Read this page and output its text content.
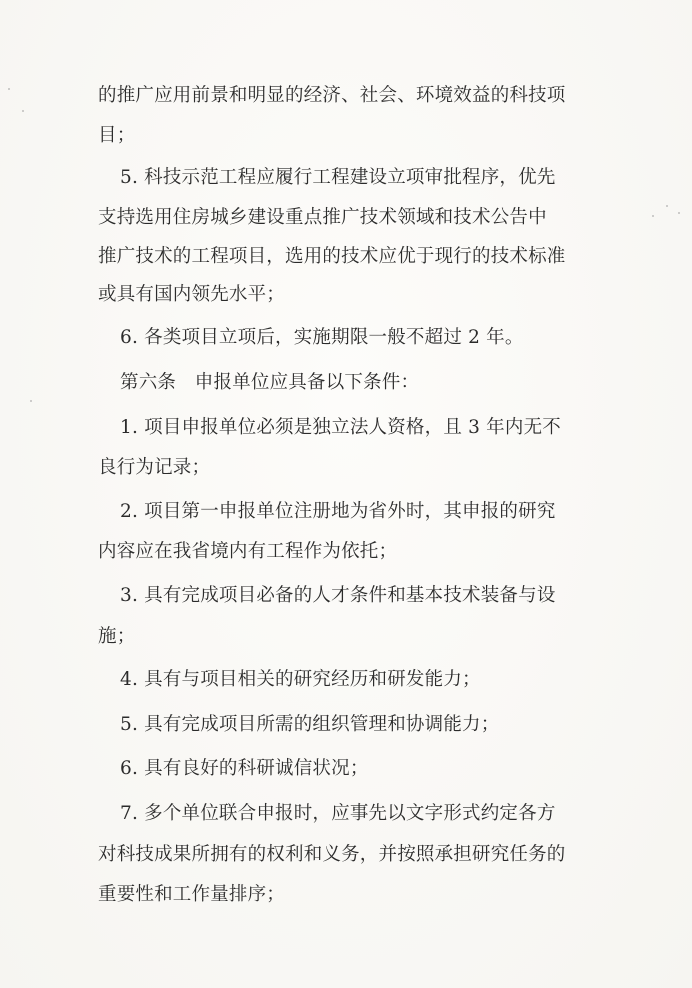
的推广应用前景和明显的经济、社会、环境效益的科技项
目；
5. 科技示范工程应履行工程建设立项审批程序，优先
支持选用住房城乡建设重点推广技术领域和技术公告中
推广技术的工程项目，选用的技术应优于现行的技术标准
或具有国内领先水平；
6. 各类项目立项后，实施期限一般不超过 2 年。
第六条　申报单位应具备以下条件：
1. 项目申报单位必须是独立法人资格，且 3 年内无不
良行为记录；
2. 项目第一申报单位注册地为省外时，其申报的研究
内容应在我省境内有工程作为依托；
3. 具有完成项目必备的人才条件和基本技术装备与设
施；
4. 具有与项目相关的研究经历和研发能力；
5. 具有完成项目所需的组织管理和协调能力；
6. 具有良好的科研诚信状况；
7. 多个单位联合申报时，应事先以文字形式约定各方
对科技成果所拥有的权利和义务，并按照承担研究任务的
重要性和工作量排序；
